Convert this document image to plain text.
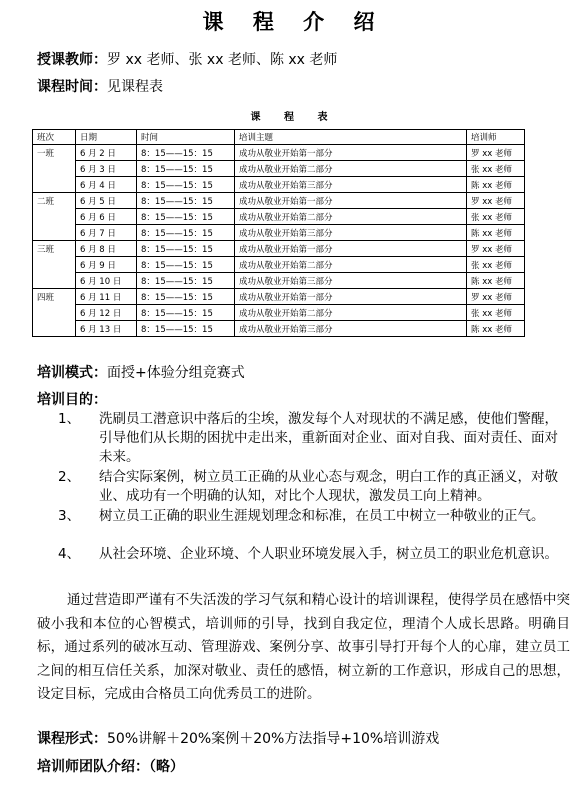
课 程 介 绍
授课教师：罗 xx 老师、张 xx 老师、陈 xx 老师
课程时间：见课程表
课 程 表
班次	日期	时间	培训主题	培训师
一班	6 月 2 日	8：15——15：15	成功从敬业开始第一部分	罗 xx 老师
	6 月 3 日	8：15——15：15	成功从敬业开始第二部分	张 xx 老师
	6 月 4 日	8：15——15：15	成功从敬业开始第三部分	陈 xx 老师
二班	6 月 5 日	8：15——15：15	成功从敬业开始第一部分	罗 xx 老师
	6 月 6 日	8：15——15：15	成功从敬业开始第二部分	张 xx 老师
	6 月 7 日	8：15——15：15	成功从敬业开始第三部分	陈 xx 老师
三班	6 月 8 日	8：15——15：15	成功从敬业开始第一部分	罗 xx 老师
	6 月 9 日	8：15——15：15	成功从敬业开始第二部分	张 xx 老师
	6 月 10 日	8：15——15：15	成功从敬业开始第三部分	陈 xx 老师
四班	6 月 11 日	8：15——15：15	成功从敬业开始第一部分	罗 xx 老师
	6 月 12 日	8：15——15：15	成功从敬业开始第二部分	张 xx 老师
	6 月 13 日	8：15——15：15	成功从敬业开始第三部分	陈 xx 老师
培训模式：面授+体验分组竞赛式
培训目的：
1、 洗刷员工潜意识中落后的尘埃，激发每个人对现状的不满足感，使他们警醒，引导他们从长期的困扰中走出来，重新面对企业、面对自我、面对责任、面对未来。
2、 结合实际案例，树立员工正确的从业心态与观念，明白工作的真正涵义，对敬业、成功有一个明确的认知，对比个人现状，激发员工向上精神。
3、 树立员工正确的职业生涯规划理念和标准，在员工中树立一种敬业的正气。
4、 从社会环境、企业环境、个人职业环境发展入手，树立员工的职业危机意识。
通过营造即严谨有不失活泼的学习气氛和精心设计的培训课程，使得学员在感悟中突破小我和本位的心智模式，培训师的引导，找到自我定位，理清个人成长思路。明确目标，通过系列的破冰互动、管理游戏、案例分享、故事引导打开每个人的心扉，建立员工之间的相互信任关系，加深对敬业、责任的感悟，树立新的工作意识，形成自己的思想，设定目标，完成由合格员工向优秀员工的进阶。
课程形式：50%讲解＋20%案例＋20%方法指导+10%培训游戏
培训师团队介绍：（略）
